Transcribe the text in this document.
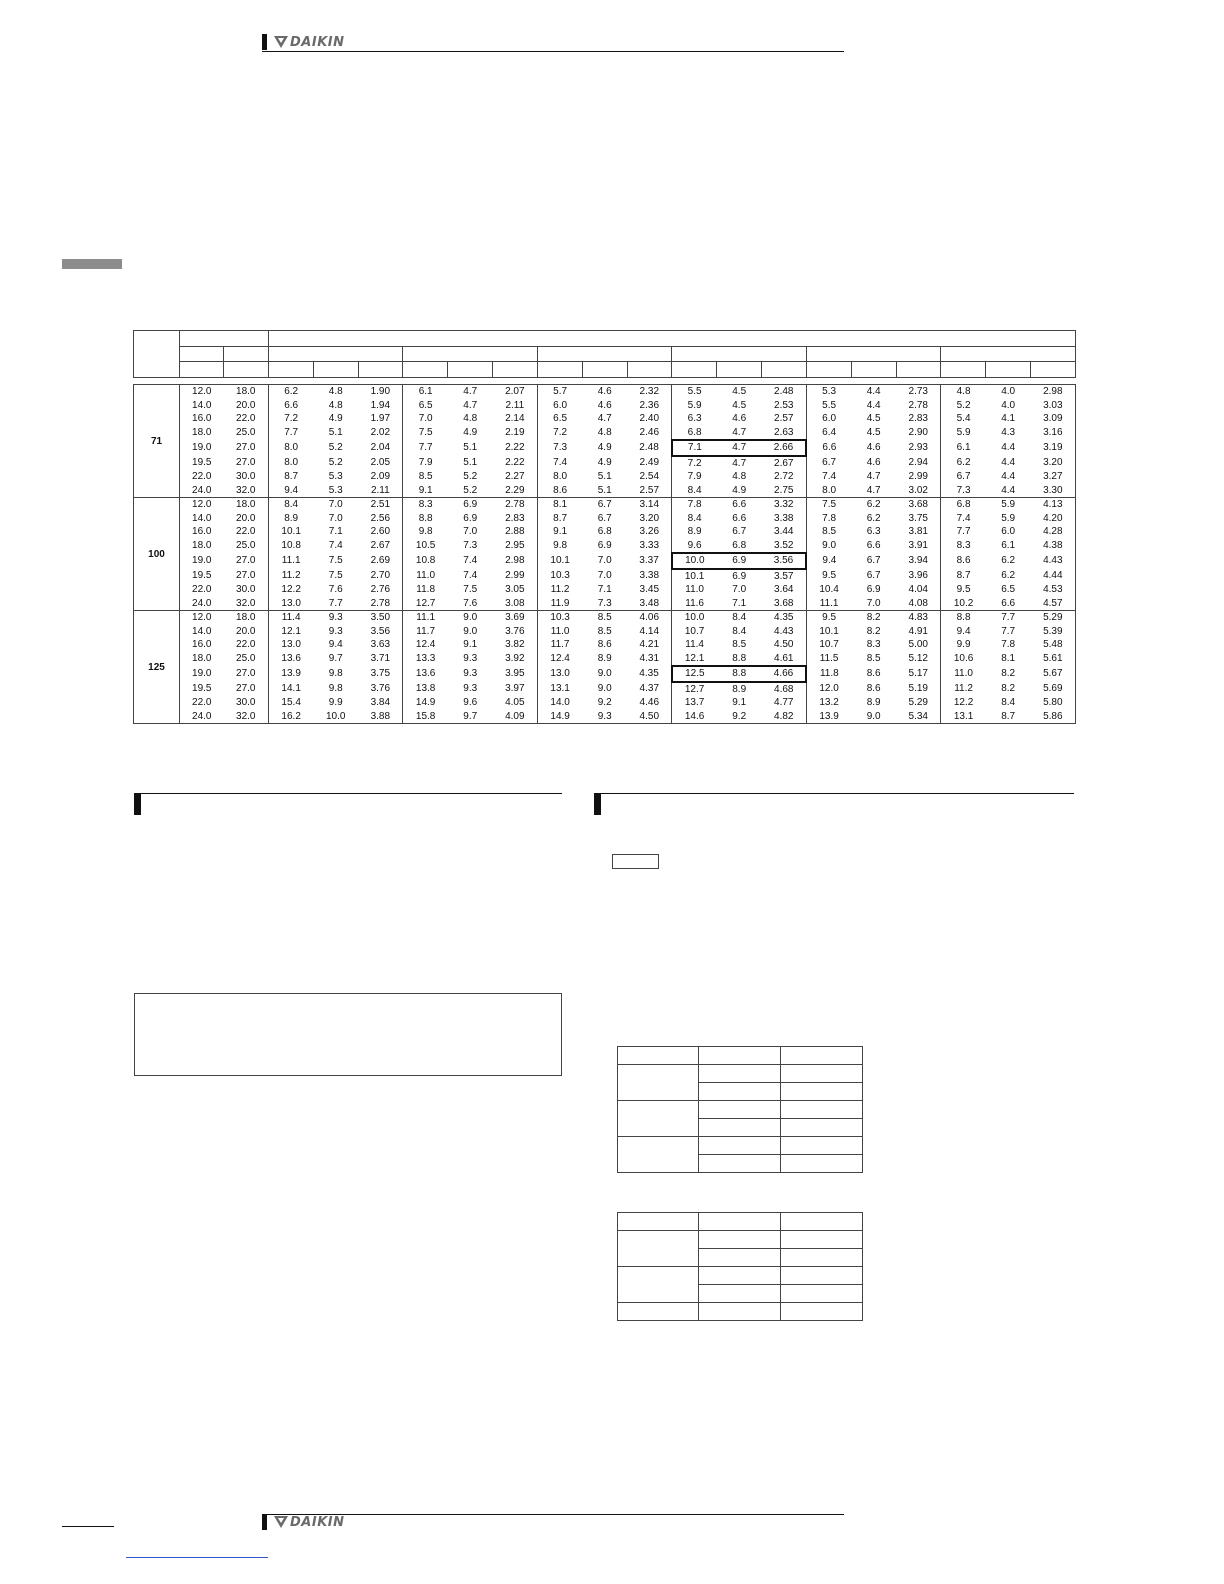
DAIKIN

71	12.0	18.0	6.2	4.8	1.90	6.1	4.7	2.07	5.7	4.6	2.32	5.5	4.5	2.48	5.3	4.4	2.73	4.8	4.0	2.98
	14.0	20.0	6.6	4.8	1.94	6.5	4.7	2.11	6.0	4.6	2.36	5.9	4.5	2.53	5.5	4.4	2.78	5.2	4.0	3.03
	16.0	22.0	7.2	4.9	1.97	7.0	4.8	2.14	6.5	4.7	2.40	6.3	4.6	2.57	6.0	4.5	2.83	5.4	4.1	3.09
	18.0	25.0	7.7	5.1	2.02	7.5	4.9	2.19	7.2	4.8	2.46	6.8	4.7	2.63	6.4	4.5	2.90	5.9	4.3	3.16
	19.0	27.0	8.0	5.2	2.04	7.7	5.1	2.22	7.3	4.9	2.48	7.1	4.7	2.66	6.6	4.6	2.93	6.1	4.4	3.19
	19.5	27.0	8.0	5.2	2.05	7.9	5.1	2.22	7.4	4.9	2.49	7.2	4.7	2.67	6.7	4.6	2.94	6.2	4.4	3.20
	22.0	30.0	8.7	5.3	2.09	8.5	5.2	2.27	8.0	5.1	2.54	7.9	4.8	2.72	7.4	4.7	2.99	6.7	4.4	3.27
	24.0	32.0	9.4	5.3	2.11	9.1	5.2	2.29	8.6	5.1	2.57	8.4	4.9	2.75	8.0	4.7	3.02	7.3	4.4	3.30
100	12.0	18.0	8.4	7.0	2.51	8.3	6.9	2.78	8.1	6.7	3.14	7.8	6.6	3.32	7.5	6.2	3.68	6.8	5.9	4.13
	14.0	20.0	8.9	7.0	2.56	8.8	6.9	2.83	8.7	6.7	3.20	8.4	6.6	3.38	7.8	6.2	3.75	7.4	5.9	4.20
	16.0	22.0	10.1	7.1	2.60	9.8	7.0	2.88	9.1	6.8	3.26	8.9	6.7	3.44	8.5	6.3	3.81	7.7	6.0	4.28
	18.0	25.0	10.8	7.4	2.67	10.5	7.3	2.95	9.8	6.9	3.33	9.6	6.8	3.52	9.0	6.6	3.91	8.3	6.1	4.38
	19.0	27.0	11.1	7.5	2.69	10.8	7.4	2.98	10.1	7.0	3.37	10.0	6.9	3.56	9.4	6.7	3.94	8.6	6.2	4.43
	19.5	27.0	11.2	7.5	2.70	11.0	7.4	2.99	10.3	7.0	3.38	10.1	6.9	3.57	9.5	6.7	3.96	8.7	6.2	4.44
	22.0	30.0	12.2	7.6	2.76	11.8	7.5	3.05	11.2	7.1	3.45	11.0	7.0	3.64	10.4	6.9	4.04	9.5	6.5	4.53
	24.0	32.0	13.0	7.7	2.78	12.7	7.6	3.08	11.9	7.3	3.48	11.6	7.1	3.68	11.1	7.0	4.08	10.2	6.6	4.57
125	12.0	18.0	11.4	9.3	3.50	11.1	9.0	3.69	10.3	8.5	4.06	10.0	8.4	4.35	9.5	8.2	4.83	8.8	7.7	5.29
	14.0	20.0	12.1	9.3	3.56	11.7	9.0	3.76	11.0	8.5	4.14	10.7	8.4	4.43	10.1	8.2	4.91	9.4	7.7	5.39
	16.0	22.0	13.0	9.4	3.63	12.4	9.1	3.82	11.7	8.6	4.21	11.4	8.5	4.50	10.7	8.3	5.00	9.9	7.8	5.48
	18.0	25.0	13.6	9.7	3.71	13.3	9.3	3.92	12.4	8.9	4.31	12.1	8.8	4.61	11.5	8.5	5.12	10.6	8.1	5.61
	19.0	27.0	13.9	9.8	3.75	13.6	9.3	3.95	13.0	9.0	4.35	12.5	8.8	4.66	11.8	8.6	5.17	11.0	8.2	5.67
	19.5	27.0	14.1	9.8	3.76	13.8	9.3	3.97	13.1	9.0	4.37	12.7	8.9	4.68	12.0	8.6	5.19	11.2	8.2	5.69
	22.0	30.0	15.4	9.9	3.84	14.9	9.6	4.05	14.0	9.2	4.46	13.7	9.1	4.77	13.2	8.9	5.29	12.2	8.4	5.80
	24.0	32.0	16.2	10.0	3.88	15.8	9.7	4.09	14.9	9.3	4.50	14.6	9.2	4.82	13.9	9.0	5.34	13.1	8.7	5.86

DAIKIN
